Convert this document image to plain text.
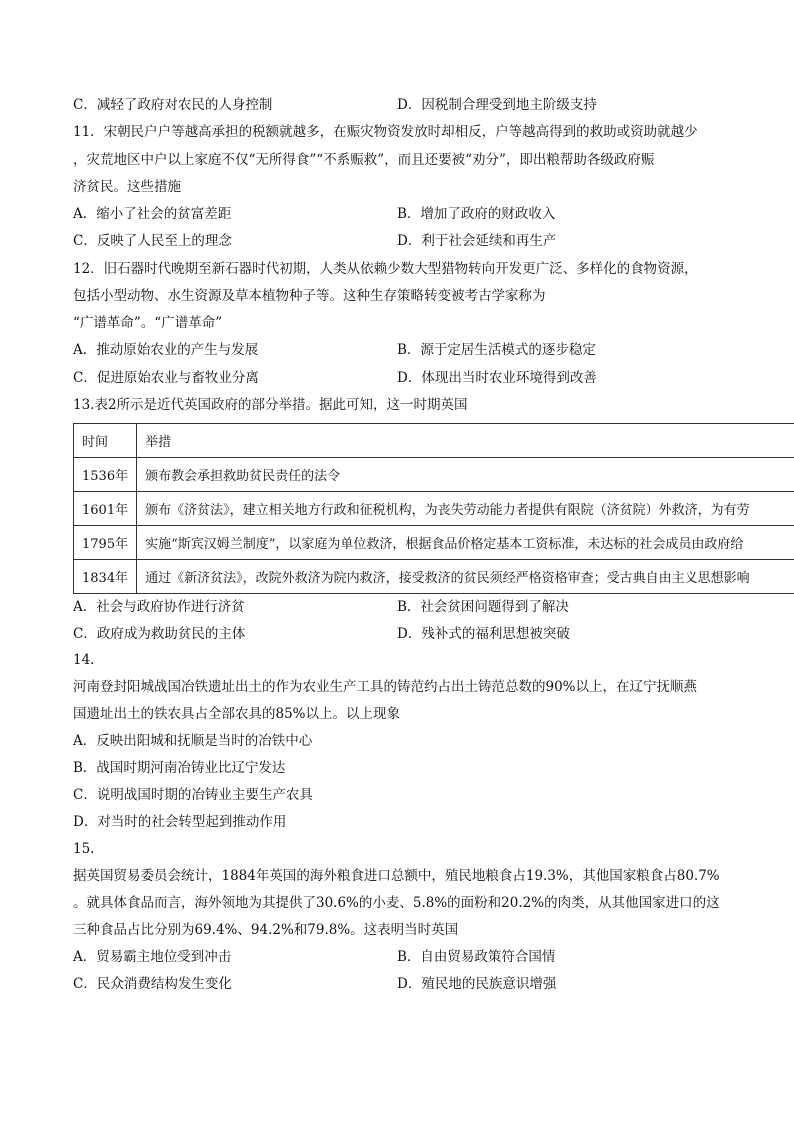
C．减轻了政府对农民的人身控制	D．因税制合理受到地主阶级支持
11．宋朝民户户等越高承担的税额就越多，在赈灾物资发放时却相反，户等越高得到的救助或资助就越少
，灾荒地区中户以上家庭不仅“无所得食”“不系赈救”，而且还要被“劝分”，即出粮帮助各级政府赈
济贫民。这些措施
A．缩小了社会的贫富差距	B．增加了政府的财政收入
C．反映了人民至上的理念	D．利于社会延续和再生产
12．旧石器时代晚期至新石器时代初期，人类从依赖少数大型猎物转向开发更广泛、多样化的食物资源，
包括小型动物、水生资源及草本植物种子等。这种生存策略转变被考古学家称为
“广谱革命”。“广谱革命”
A．推动原始农业的产生与发展	B．源于定居生活模式的逐步稳定
C．促进原始农业与畜牧业分离	D．体现出当时农业环境得到改善
13.表2所示是近代英国政府的部分举措。据此可知，这一时期英国
时间	举措
1536年	颁布教会承担救助贫民责任的法令
1601年	颁布《济贫法》，建立相关地方行政和征税机构，为丧失劳动能力者提供有限院（济贫院）外救济，为有劳
1795年	实施“斯宾汉姆兰制度”，以家庭为单位救济，根据食品价格定基本工资标准，未达标的社会成员由政府给
1834年	通过《新济贫法》，改院外救济为院内救济，接受救济的贫民须经严格资格审查；受古典自由主义思想影响
A．社会与政府协作进行济贫	B．社会贫困问题得到了解决
C．政府成为救助贫民的主体	D．残补式的福利思想被突破
14.
河南登封阳城战国冶铁遗址出土的作为农业生产工具的铸范约占出土铸范总数的90%以上，在辽宁抚顺燕
国遗址出土的铁农具占全部农具的85%以上。以上现象
A．反映出阳城和抚顺是当时的冶铁中心
B．战国时期河南冶铸业比辽宁发达
C．说明战国时期的冶铸业主要生产农具
D．对当时的社会转型起到推动作用
15.
据英国贸易委员会统计，1884年英国的海外粮食进口总额中，殖民地粮食占19.3%，其他国家粮食占80.7%
。就具体食品而言，海外领地为其提供了30.6%的小麦、5.8%的面粉和20.2%的肉类，从其他国家进口的这
三种食品占比分别为69.4%、94.2%和79.8%。这表明当时英国
A．贸易霸主地位受到冲击	B．自由贸易政策符合国情
C．民众消费结构发生变化	D．殖民地的民族意识增强
